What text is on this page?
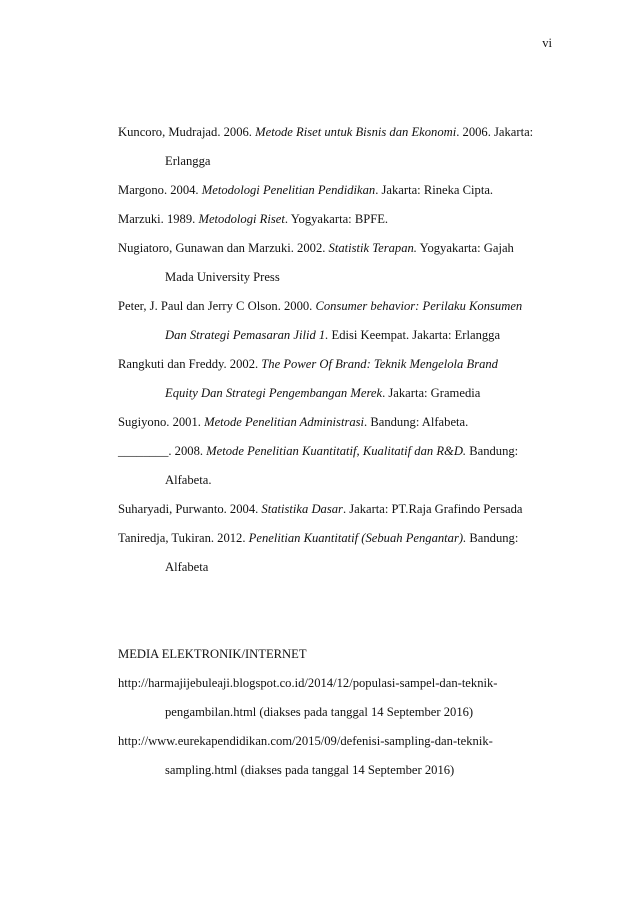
vi
Kuncoro, Mudrajad. 2006. Metode Riset untuk Bisnis dan Ekonomi. 2006. Jakarta:
Erlangga
Margono. 2004. Metodologi Penelitian Pendidikan. Jakarta: Rineka Cipta.
Marzuki. 1989. Metodologi Riset. Yogyakarta: BPFE.
Nugiatoro, Gunawan dan Marzuki. 2002. Statistik Terapan. Yogyakarta: Gajah
Mada University Press
Peter, J. Paul dan Jerry C Olson. 2000. Consumer behavior: Perilaku Konsumen
Dan Strategi Pemasaran Jilid 1. Edisi Keempat. Jakarta: Erlangga
Rangkuti dan Freddy. 2002. The Power Of Brand: Teknik Mengelola Brand
Equity Dan Strategi Pengembangan Merek. Jakarta: Gramedia
Sugiyono. 2001. Metode Penelitian Administrasi. Bandung: Alfabeta.
________. 2008. Metode Penelitian Kuantitatif, Kualitatif dan R&D. Bandung:
Alfabeta.
Suharyadi, Purwanto. 2004. Statistika Dasar. Jakarta: PT.Raja Grafindo Persada
Taniredja, Tukiran. 2012. Penelitian Kuantitatif (Sebuah Pengantar). Bandung:
Alfabeta
MEDIA ELEKTRONIK/INTERNET
http://harmajijebuleaji.blogspot.co.id/2014/12/populasi-sampel-dan-teknik-
pengambilan.html (diakses pada tanggal 14 September 2016)
http://www.eurekapendidikan.com/2015/09/defenisi-sampling-dan-teknik-
sampling.html (diakses pada tanggal 14 September 2016)
